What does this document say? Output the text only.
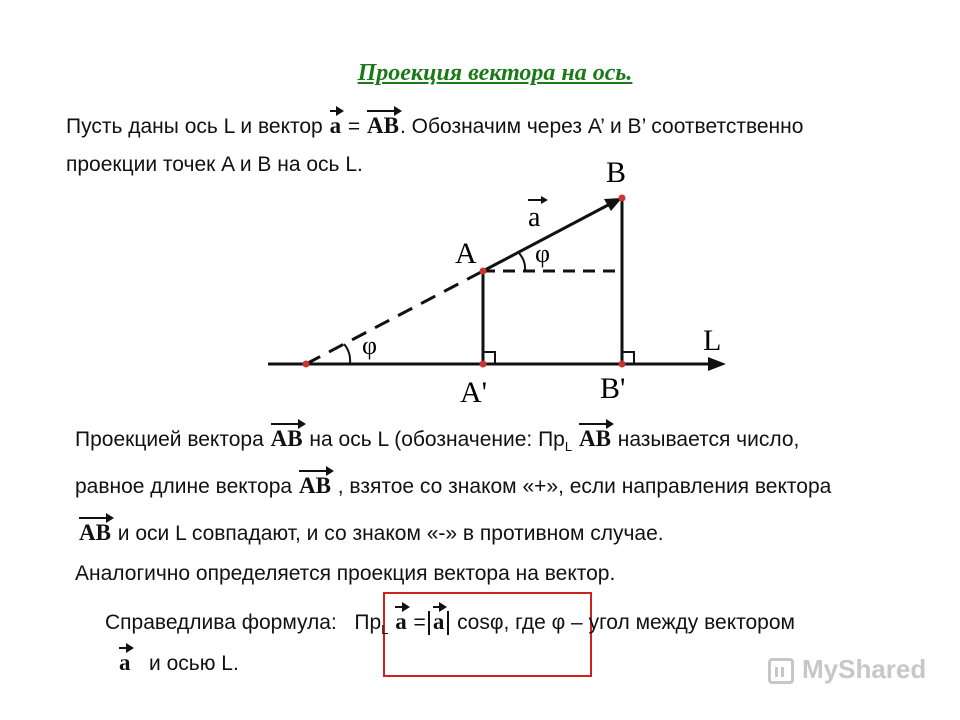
Проекция вектора на ось.
Пусть даны ось L и вектор a = AB. Обозначим через A’ и B’ соответственно
проекции точек A и B на ось L.	B
A
a
φ
φ	L
A'	B'
Проекцией вектора AB на ось L (обозначение: $Пр_L$ AB называется число,
равное длине вектора AB , взятое со знаком «+», если направления вектора
AB и оси L совпадают, и со знаком «-» в противном случае.
Аналогично определяется проекция вектора на вектор.
Справедлива формула: $Пр_L$ a = a cosφ, где φ – угол между вектором
a и осью L.	MyShared
